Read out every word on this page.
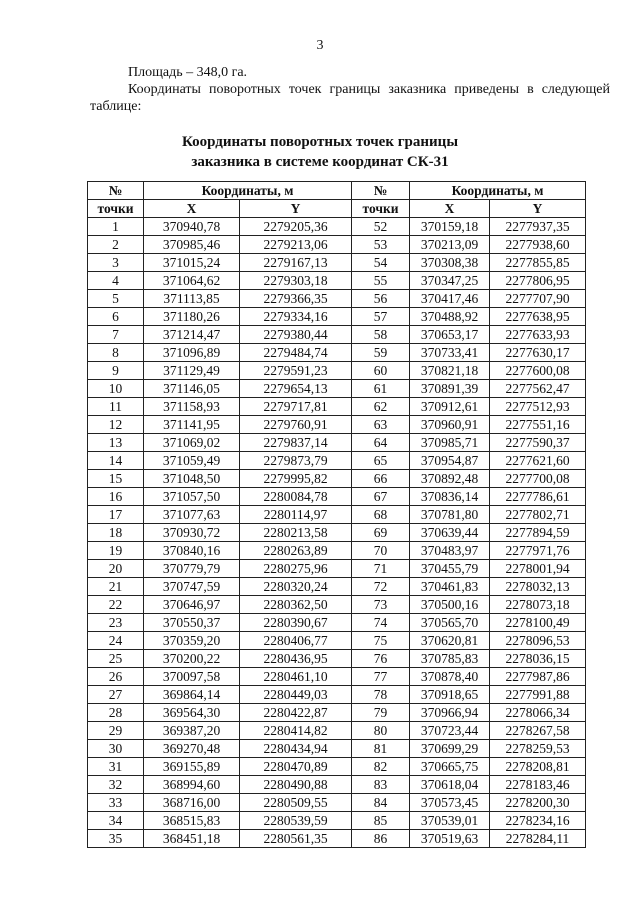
3
Площадь – 348,0 га.
Координаты поворотных точек границы заказника приведены в следующей таблице:
Координаты поворотных точек границы
заказника в системе координат СК-31
№	Координаты, м		№	Координаты, м	
точки	X	Y	точки	X	Y
1	370940,78	2279205,36	52	370159,18	2277937,35
2	370985,46	2279213,06	53	370213,09	2277938,60
3	371015,24	2279167,13	54	370308,38	2277855,85
4	371064,62	2279303,18	55	370347,25	2277806,95
5	371113,85	2279366,35	56	370417,46	2277707,90
6	371180,26	2279334,16	57	370488,92	2277638,95
7	371214,47	2279380,44	58	370653,17	2277633,93
8	371096,89	2279484,74	59	370733,41	2277630,17
9	371129,49	2279591,23	60	370821,18	2277600,08
10	371146,05	2279654,13	61	370891,39	2277562,47
11	371158,93	2279717,81	62	370912,61	2277512,93
12	371141,95	2279760,91	63	370960,91	2277551,16
13	371069,02	2279837,14	64	370985,71	2277590,37
14	371059,49	2279873,79	65	370954,87	2277621,60
15	371048,50	2279995,82	66	370892,48	2277700,08
16	371057,50	2280084,78	67	370836,14	2277786,61
17	371077,63	2280114,97	68	370781,80	2277802,71
18	370930,72	2280213,58	69	370639,44	2277894,59
19	370840,16	2280263,89	70	370483,97	2277971,76
20	370779,79	2280275,96	71	370455,79	2278001,94
21	370747,59	2280320,24	72	370461,83	2278032,13
22	370646,97	2280362,50	73	370500,16	2278073,18
23	370550,37	2280390,67	74	370565,70	2278100,49
24	370359,20	2280406,77	75	370620,81	2278096,53
25	370200,22	2280436,95	76	370785,83	2278036,15
26	370097,58	2280461,10	77	370878,40	2277987,86
27	369864,14	2280449,03	78	370918,65	2277991,88
28	369564,30	2280422,87	79	370966,94	2278066,34
29	369387,20	2280414,82	80	370723,44	2278267,58
30	369270,48	2280434,94	81	370699,29	2278259,53
31	369155,89	2280470,89	82	370665,75	2278208,81
32	368994,60	2280490,88	83	370618,04	2278183,46
33	368716,00	2280509,55	84	370573,45	2278200,30
34	368515,83	2280539,59	85	370539,01	2278234,16
35	368451,18	2280561,35	86	370519,63	2278284,11
